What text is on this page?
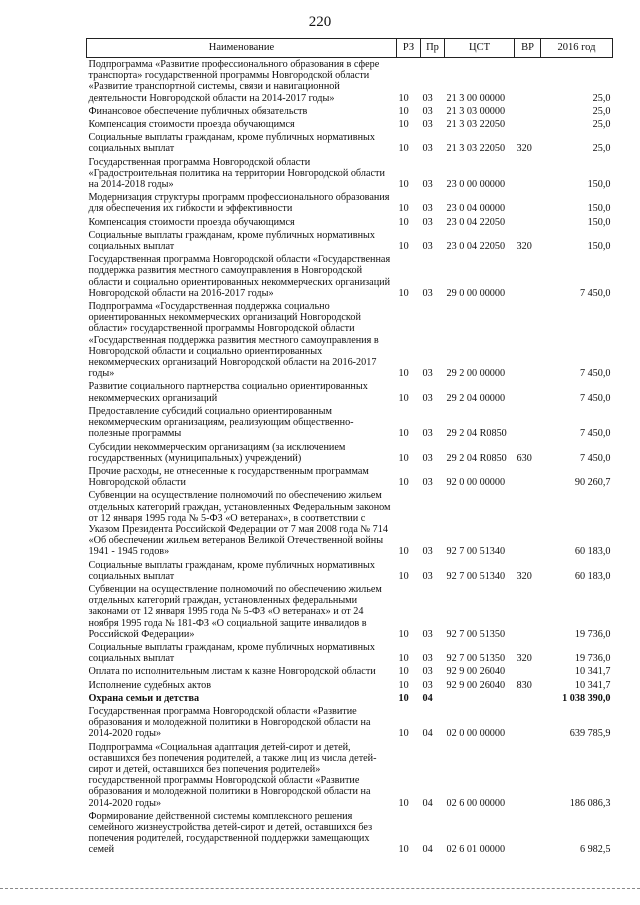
220
Наименование	РЗ	Пр	ЦСТ	ВР	2016 год
Подпрограмма «Развитие профессионального образования в сфере транспорта» государственной программы Новгородской области «Развитие транспортной системы, связи и навигационной деятельности Новгородской области на 2014-2017 годы»	10	03	21 3 00 00000		25,0
Финансовое обеспечение публичных обязательств	10	03	21 3 03 00000		25,0
Компенсация стоимости проезда обучающимся	10	03	21 3 03 22050		25,0
Социальные выплаты гражданам, кроме публичных нормативных социальных выплат	10	03	21 3 03 22050	320	25,0
Государственная программа Новгородской области «Градостроительная политика на территории Новгородской области на 2014-2018 годы»	10	03	23 0 00 00000		150,0
Модернизация структуры программ профессионального образования для обеспечения их гибкости и эффективности	10	03	23 0 04 00000		150,0
Компенсация стоимости проезда обучающимся	10	03	23 0 04 22050		150,0
Социальные выплаты гражданам, кроме публичных нормативных социальных выплат	10	03	23 0 04 22050	320	150,0
Государственная программа Новгородской области «Государственная поддержка развития местного самоуправления в Новгородской области и социально ориентированных некоммерческих организаций Новгородской области на 2016-2017 годы»	10	03	29 0 00 00000		7 450,0
Подпрограмма «Государственная поддержка социально ориентированных некоммерческих организаций Новгородской области» государственной программы Новгородской области «Государственная поддержка развития местного самоуправления в Новгородской области и социально ориентированных некоммерческих организаций Новгородской области на 2016-2017 годы»	10	03	29 2 00 00000		7 450,0
Развитие социального партнерства социально ориентированных некоммерческих организаций	10	03	29 2 04 00000		7 450,0
Предоставление субсидий социально ориентированным некоммерческим организациям, реализующим общественно-полезные программы	10	03	29 2 04 R0850		7 450,0
Субсидии некоммерческим организациям (за исключением государственных (муниципальных) учреждений)	10	03	29 2 04 R0850	630	7 450,0
Прочие расходы, не отнесенные к государственным программам Новгородской области	10	03	92 0 00 00000		90 260,7
Субвенции на осуществление полномочий по обеспечению жильем отдельных категорий граждан, установленных Федеральным законом от 12 января 1995 года № 5-ФЗ «О ветеранах», в соответствии с Указом Президента Российской Федерации от 7 мая 2008 года № 714 «Об обеспечении жильем ветеранов Великой Отечественной войны 1941 - 1945 годов»	10	03	92 7 00 51340		60 183,0
Социальные выплаты гражданам, кроме публичных нормативных социальных выплат	10	03	92 7 00 51340	320	60 183,0
Субвенции на осуществление полномочий по обеспечению жильем отдельных категорий граждан, установленных федеральными законами от 12 января 1995 года № 5-ФЗ «О ветеранах» и от 24 ноября 1995 года № 181-ФЗ «О социальной защите инвалидов в Российской Федерации»	10	03	92 7 00 51350		19 736,0
Социальные выплаты гражданам, кроме публичных нормативных социальных выплат	10	03	92 7 00 51350	320	19 736,0
Оплата по исполнительным листам к казне Новгородской области	10	03	92 9 00 26040		10 341,7
Исполнение судебных актов	10	03	92 9 00 26040	830	10 341,7
Охрана семьи и детства	10	04			1 038 390,0
Государственная программа Новгородской области «Развитие образования и молодежной политики в Новгородской области на 2014-2020 годы»	10	04	02 0 00 00000		639 785,9
Подпрограмма «Социальная адаптация детей-сирот и детей, оставшихся без попечения родителей, а также лиц из числа детей-сирот и детей, оставшихся без попечения родителей» государственной программы Новгородской области «Развитие образования и молодежной политики в Новгородской области на 2014-2020 годы»	10	04	02 6 00 00000		186 086,3
Формирование действенной системы комплексного решения семейного жизнеустройства детей-сирот и детей, оставшихся без попечения родителей, государственной поддержки замещающих семей	10	04	02 6 01 00000		6 982,5
